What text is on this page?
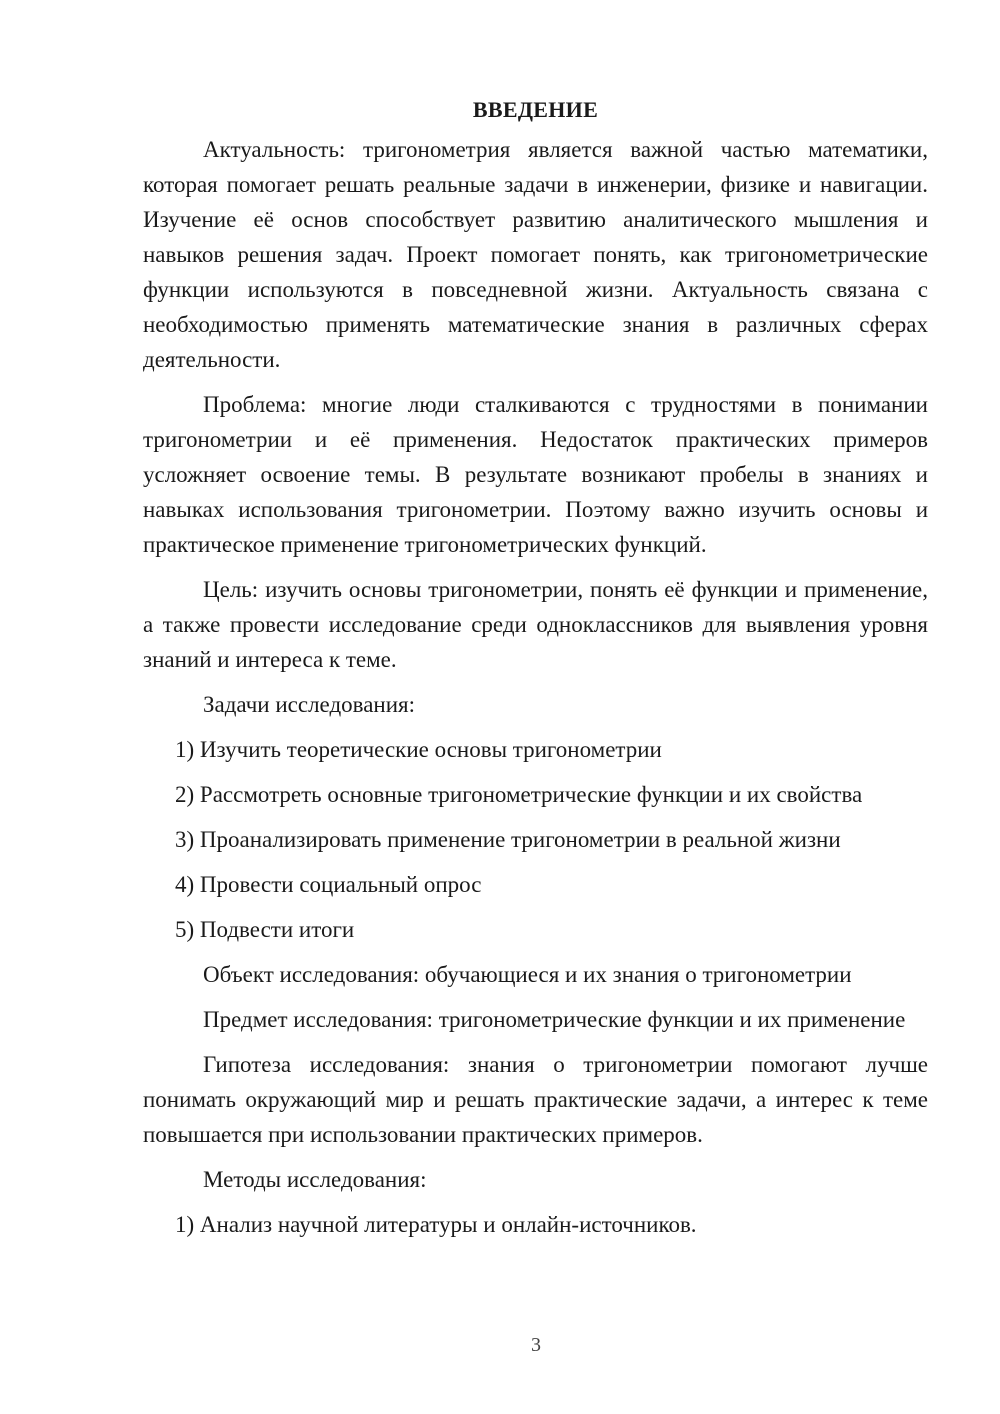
ВВЕДЕНИЕ

Актуальность: тригонометрия является важной частью математики, которая помогает решать реальные задачи в инженерии, физике и навигации. Изучение её основ способствует развитию аналитического мышления и навыков решения задач. Проект помогает понять, как тригонометрические функции используются в повседневной жизни. Актуальность связана с необходимостью применять математические знания в различных сферах деятельности.

Проблема: многие люди сталкиваются с трудностями в понимании тригонометрии и её применения. Недостаток практических примеров усложняет освоение темы. В результате возникают пробелы в знаниях и навыках использования тригонометрии. Поэтому важно изучить основы и практическое применение тригонометрических функций.

Цель: изучить основы тригонометрии, понять её функции и применение, а также провести исследование среди одноклассников для выявления уровня знаний и интереса к теме.

Задачи исследования:

1) Изучить теоретические основы тригонометрии
2) Рассмотреть основные тригонометрические функции и их свойства
3) Проанализировать применение тригонометрии в реальной жизни
4) Провести социальный опрос
5) Подвести итоги

Объект исследования: обучающиеся и их знания о тригонометрии

Предмет исследования: тригонометрические функции и их применение

Гипотеза исследования: знания о тригонометрии помогают лучше понимать окружающий мир и решать практические задачи, а интерес к теме повышается при использовании практических примеров.

Методы исследования:

1) Анализ научной литературы и онлайн-источников.
3
